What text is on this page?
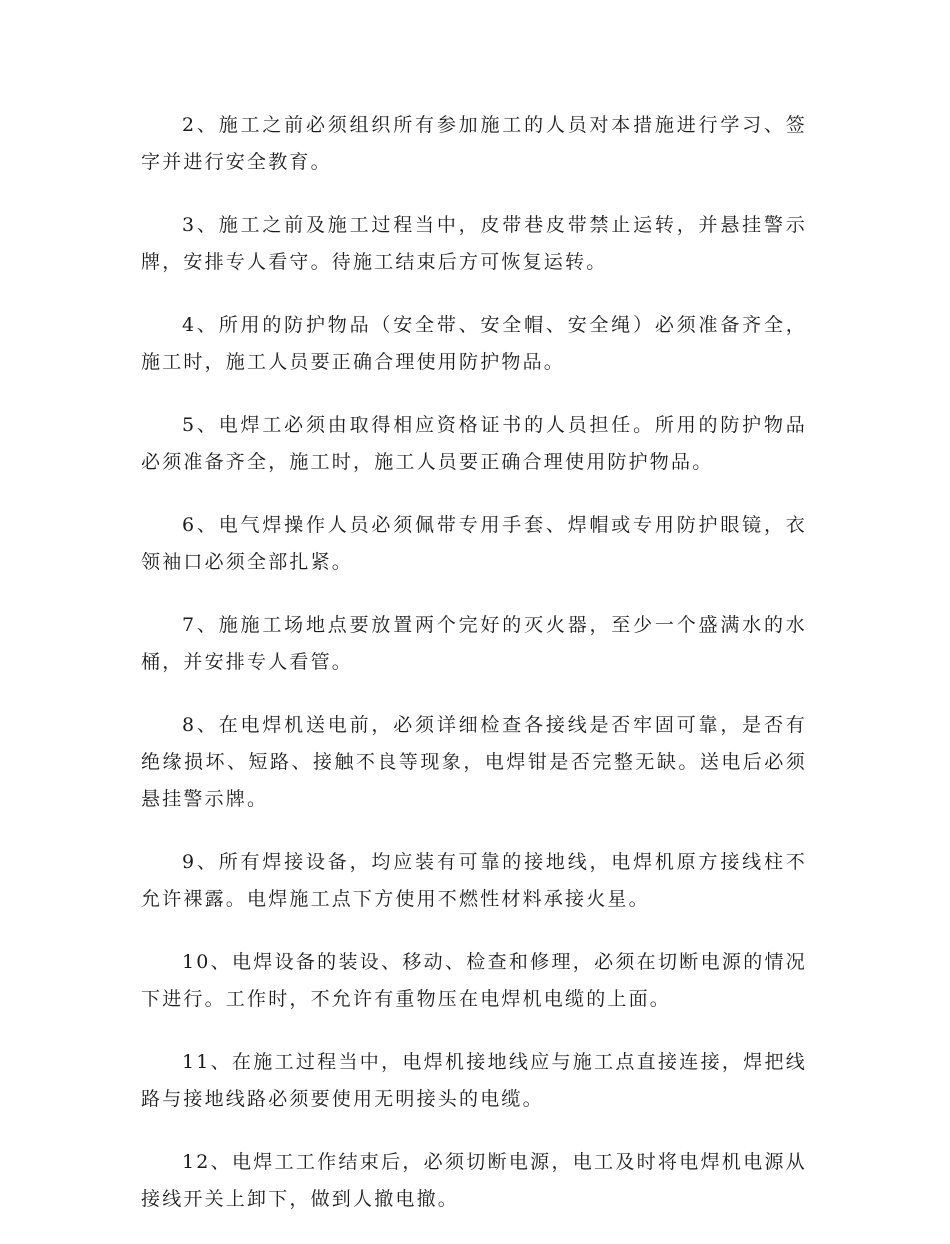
2、施工之前必须组织所有参加施工的人员对本措施进行学习、签字并进行安全教育。

3、施工之前及施工过程当中，皮带巷皮带禁止运转，并悬挂警示牌，安排专人看守。待施工结束后方可恢复运转。

4、所用的防护物品（安全带、安全帽、安全绳）必须准备齐全，施工时，施工人员要正确合理使用防护物品。

5、电焊工必须由取得相应资格证书的人员担任。所用的防护物品必须准备齐全，施工时，施工人员要正确合理使用防护物品。

6、电气焊操作人员必须佩带专用手套、焊帽或专用防护眼镜，衣领袖口必须全部扎紧。

7、施施工场地点要放置两个完好的灭火器，至少一个盛满水的水桶，并安排专人看管。

8、在电焊机送电前，必须详细检查各接线是否牢固可靠，是否有绝缘损坏、短路、接触不良等现象，电焊钳是否完整无缺。送电后必须悬挂警示牌。

9、所有焊接设备，均应装有可靠的接地线，电焊机原方接线柱不允许裸露。电焊施工点下方使用不燃性材料承接火星。

10、电焊设备的装设、移动、检查和修理，必须在切断电源的情况下进行。工作时，不允许有重物压在电焊机电缆的上面。

11、在施工过程当中，电焊机接地线应与施工点直接连接，焊把线路与接地线路必须要使用无明接头的电缆。

12、电焊工工作结束后，必须切断电源，电工及时将电焊机电源从接线开关上卸下，做到人撤电撤。
